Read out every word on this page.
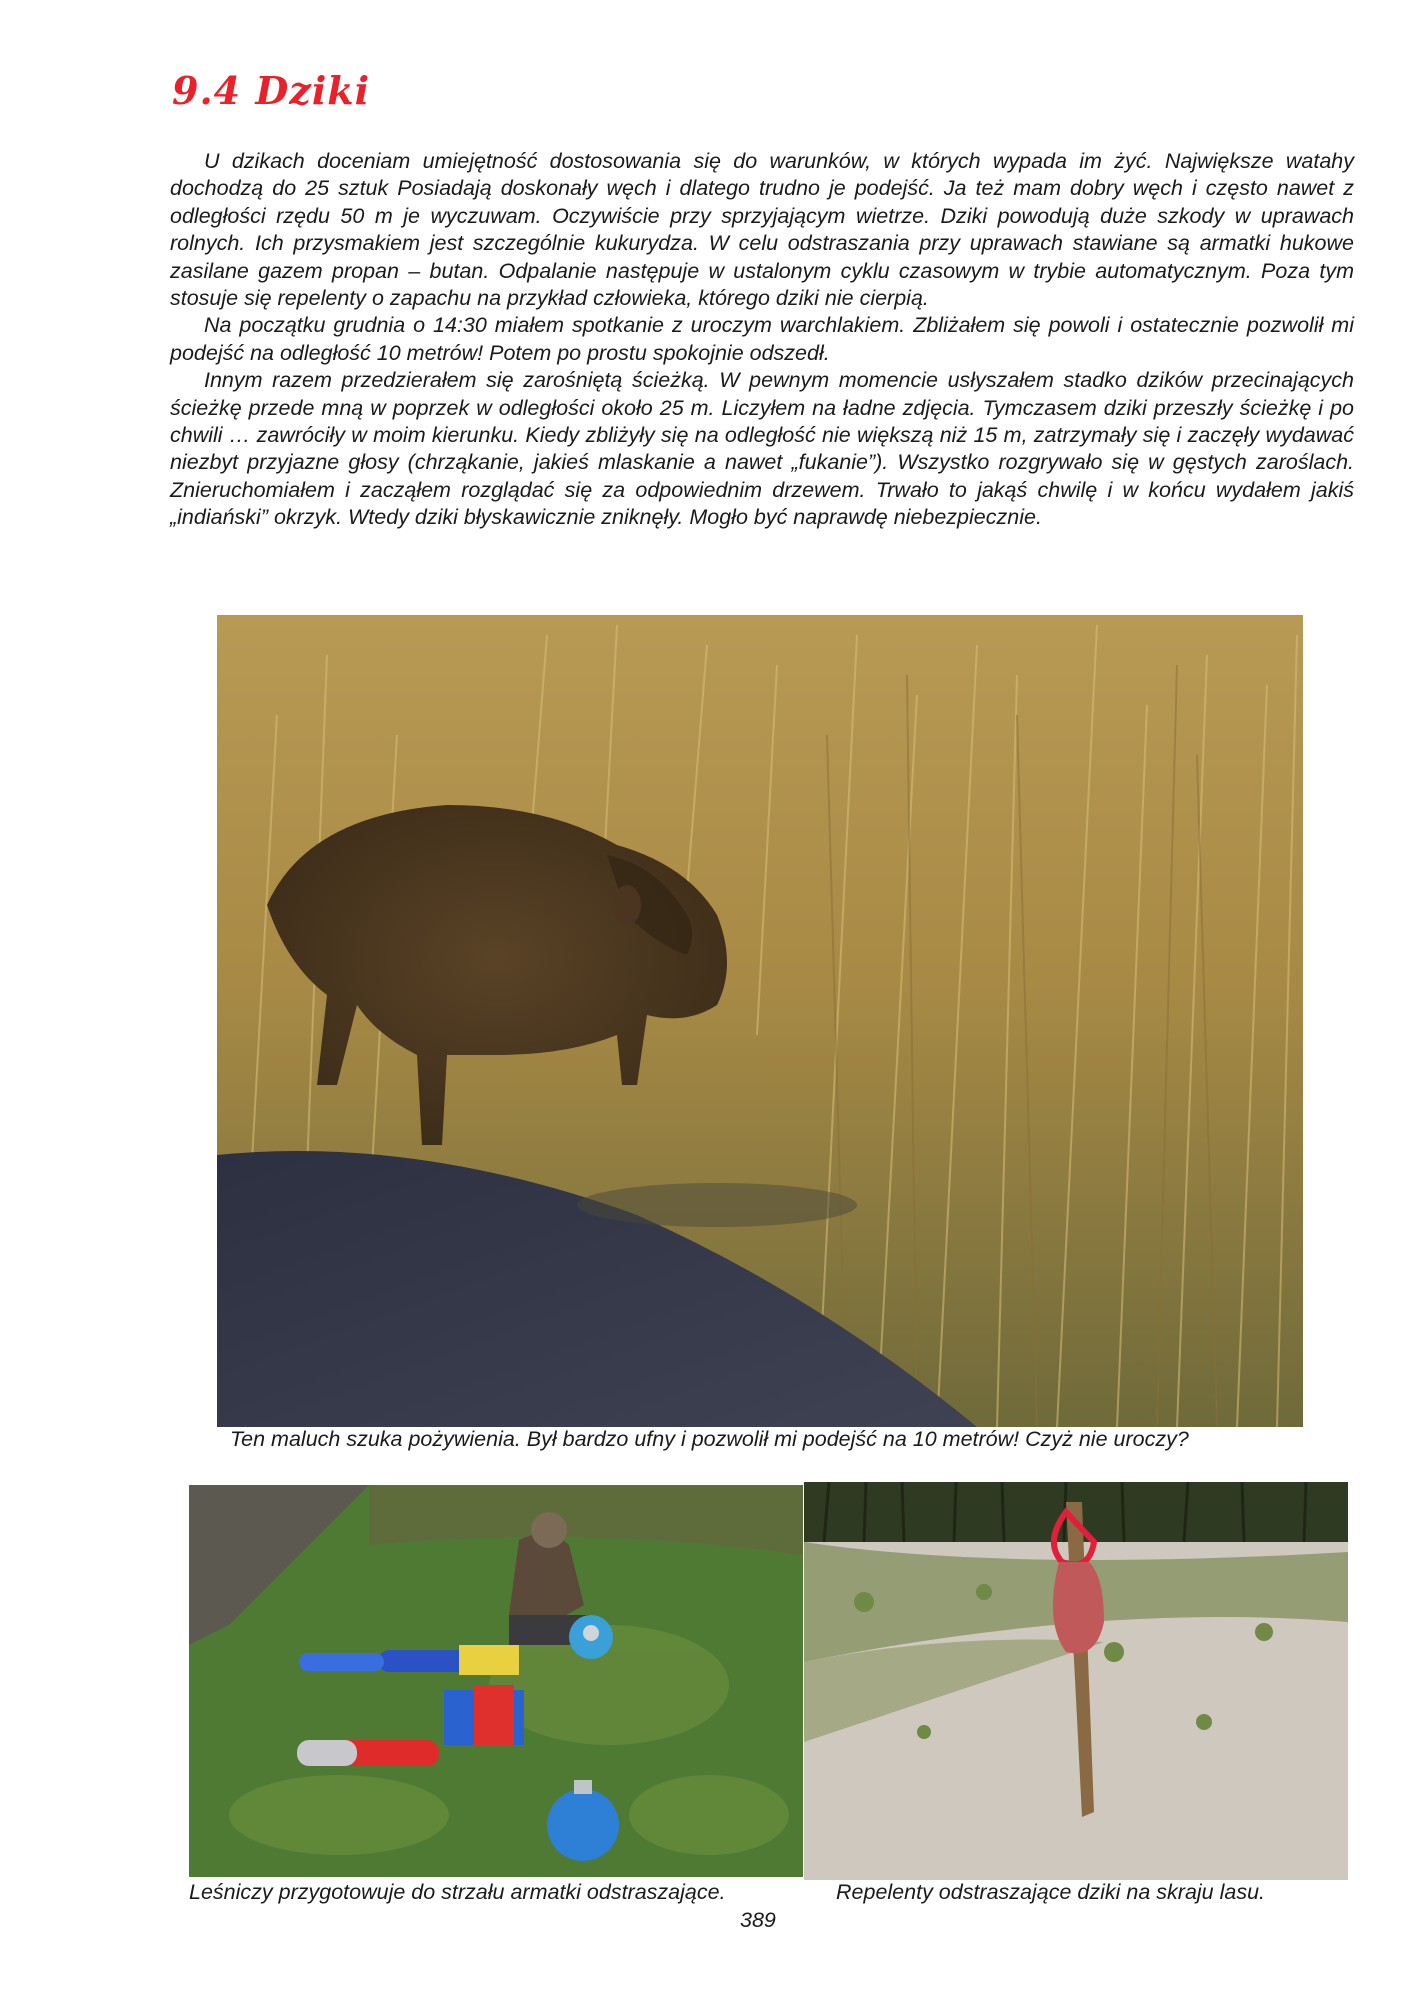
9.4 Dziki

U dzikach doceniam umiejętność dostosowania się do warunków, w których wypada im żyć. Największe watahy dochodzą do 25 sztuk Posiadają doskonały węch i dlatego trudno je podejść. Ja też mam dobry węch i często nawet z odległości rzędu 50 m je wyczuwam. Oczywiście przy sprzyjającym wietrze. Dziki powodują duże szkody w uprawach rolnych. Ich przysmakiem jest szczególnie kukurydza. W celu odstraszania przy uprawach stawiane są armatki hukowe zasilane gazem propan – butan. Odpalanie następuje w ustalonym cyklu czasowym w trybie automatycznym. Poza tym stosuje się repelenty o zapachu na przykład człowieka, którego dziki nie cierpią.

Na początku grudnia o 14:30 miałem spotkanie z uroczym warchlakiem. Zbliżałem się powoli i ostatecznie pozwolił mi podejść na odległość 10 metrów! Potem po prostu spokojnie odszedł.

Innym razem przedzierałem się zarośniętą ścieżką. W pewnym momencie usłyszałem stadko dzików przecinających ścieżkę przede mną w poprzek w odległości około 25 m. Liczyłem na ładne zdjęcia. Tymczasem dziki przeszły ścieżkę i po chwili … zawróciły w moim kierunku. Kiedy zbliżyły się na odległość nie większą niż 15 m, zatrzymały się i zaczęły wydawać niezbyt przyjazne głosy (chrząkanie, jakieś mlaskanie a nawet „fukanie”). Wszystko rozgrywało się w gęstych zaroślach. Znieruchomiałem i zacząłem rozglądać się za odpowiednim drzewem. Trwało to jakąś chwilę i w końcu wydałem jakiś „indiański” okrzyk. Wtedy dziki błyskawicznie zniknęły. Mogło być naprawdę niebezpiecznie.

Ten maluch szuka pożywienia. Był bardzo ufny i pozwolił mi podejść na 10 metrów! Czyż nie uroczy?
Leśniczy przygotowuje do strzału armatki odstraszające.	Repelenty odstraszające dziki na skraju lasu.
389
